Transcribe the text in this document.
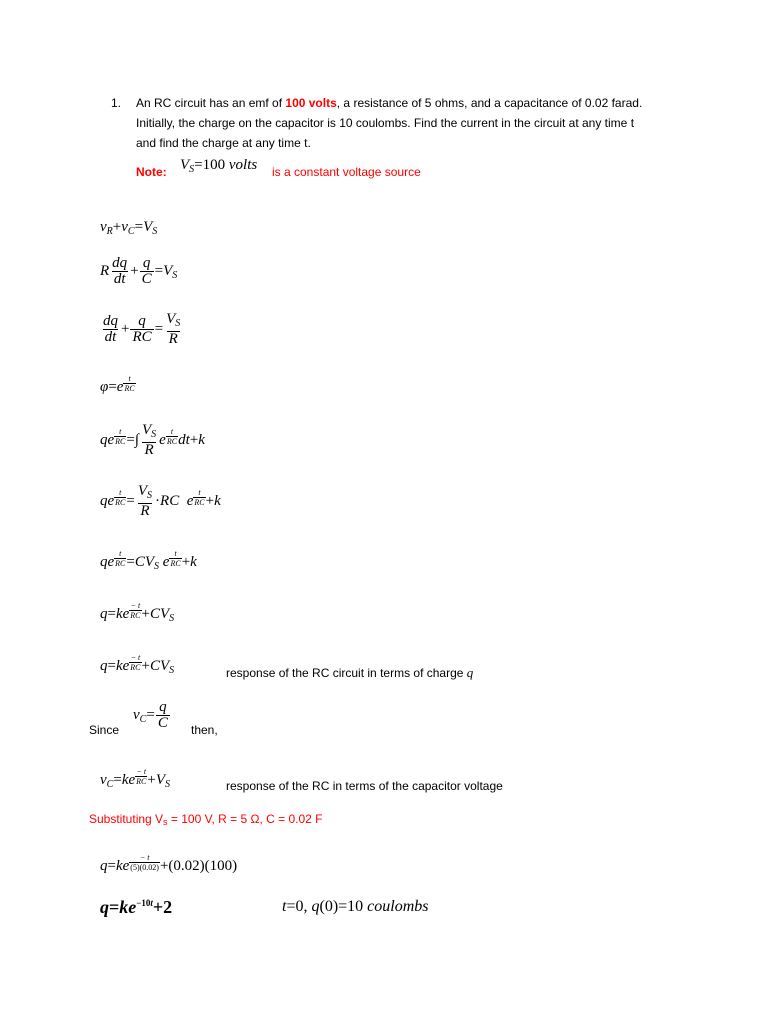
1. An RC circuit has an emf of 100 volts, a resistance of 5 ohms, and a capacitance of 0.02 farad.
Initially, the charge on the capacitor is 10 coulombs. Find the current in the circuit at any time t
and find the charge at any time t.
Note: $V_S=100$ volts is a constant voltage source
$v_R+v_C=V_S$
R $\frac{dq}{dt} + \frac{q}{C} =V_S$
$\frac{dq}{dt} + \frac{q}{RC} = \frac{V_S}{R}$
$\varphi=e \frac{t}{RC}$
qe $\frac{t}{RC}$ =∫ $\frac{V_S}{R}$ e $\frac{t}{RC} dt+k$
qe $\frac{t}{RC} = \frac{V_S}{R} \cdot RC$  e $\frac{t}{RC} +k$
qe $\frac{t}{RC} =CV_S$ e $\frac{t}{RC} +k$
$q=ke \frac{- t}{RC} +CV_S$
$q=ke \frac{- t}{RC} +CV_S$	response of the RC circuit in terms of charge q
Since
$v_C= \frac{q}{C}$ then,
$v_C=ke \frac{- t}{RC} +V_S$	response of the RC in terms of the capacitor voltage
Substituting Vs = 100 V, R = 5 Ω, C = 0.02 F
$q=ke \frac{- t}{(5)(0.02)} +(0.02)(100)$
q=ke−10t+2	t=0, q(0)=10 coulombs
